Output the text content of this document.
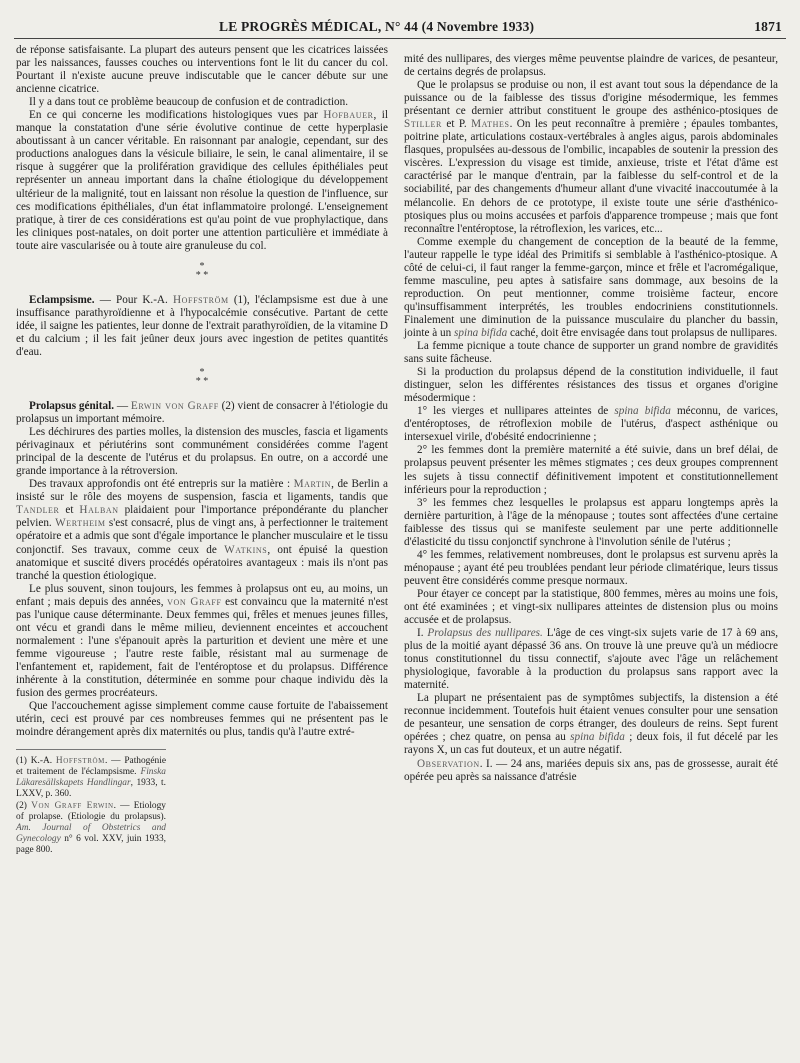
LE PROGRÈS MÉDICAL, N° 44 (4 Novembre 1933)	1871

de réponse satisfaisante. La plupart des auteurs pensent que les cicatrices laissées par les naissances, fausses couches ou interventions font le lit du cancer du col. Pourtant il n'existe aucune preuve indiscutable que le cancer débute sur une ancienne cicatrice.

Il y a dans tout ce problème beaucoup de confusion et de contradiction.

En ce qui concerne les modifications histologiques vues par Hofbauer, il manque la constatation d'une série évolutive continue de cette hyperplasie aboutissant à un cancer véritable. En raisonnant par analogie, cependant, sur des productions analogues dans la vésicule biliaire, le sein, le canal alimentaire, il se risque à suggérer que la prolifération gravidique des cellules épithéliales peut représenter un anneau important dans la chaîne étiologique du développement ultérieur de la malignité, tout en laissant non résolue la question de l'influence, sur ces modifications épithéliales, d'un état inflammatoire prolongé. L'enseignement pratique, à tirer de ces considérations est qu'au point de vue prophylactique, dans les cliniques post-natales, on doit porter une attention particulière et immédiate à toute aire vascularisée ou à toute aire granuleuse du col.

*
* *

Eclampsisme. — Pour K.-A. Hoffström (1), l'éclampsisme est due à une insuffisance parathyroïdienne et à l'hypocalcémie consécutive. Partant de cette idée, il saigne les patientes, leur donne de l'extrait parathyroïdien, de la vitamine D et du calcium ; il les fait jeûner deux jours avec ingestion de petites quantités d'eau.

*
* *

Prolapsus génital. — Erwin von Graff (2) vient de consacrer à l'étiologie du prolapsus un important mémoire.

Les déchirures des parties molles, la distension des muscles, fascia et ligaments périvaginaux et périutérins sont communément considérées comme l'agent principal de la descente de l'utérus et du prolapsus. En outre, on a accordé une grande importance à la rétroversion.

Des travaux approfondis ont été entrepris sur la matière : Martin, de Berlin a insisté sur le rôle des moyens de suspension, fascia et ligaments, tandis que Tandler et Halban plaidaient pour l'importance prépondérante du plancher pelvien. Wertheim s'est consacré, plus de vingt ans, à perfectionner le traitement opératoire et a admis que sont d'égale importance le plancher musculaire et le tissu conjonctif. Ses travaux, comme ceux de Watkins, ont épuisé la question anatomique et suscité divers procédés opératoires avantageux : mais ils n'ont pas tranché la question étiologique.

Le plus souvent, sinon toujours, les femmes à prolapsus ont eu, au moins, un enfant ; mais depuis des années, von Graff est convaincu que la maternité n'est pas l'unique cause déterminante. Deux femmes qui, frêles et menues jeunes filles, ont vécu et grandi dans le même milieu, deviennent enceintes et accouchent normalement : l'une s'épanouit après la parturition et devient une mère et une femme vigoureuse ; l'autre reste faible, résistant mal au surmenage de l'enfantement et, rapidement, fait de l'entéroptose et du prolapsus. Différence inhérente à la constitution, déterminée en somme pour chaque individu dès la fusion des germes procréateurs.

Que l'accouchement agisse simplement comme cause fortuite de l'abaissement utérin, ceci est prouvé par ces nombreuses femmes qui ne présentent pas le moindre dérangement après dix maternités ou plus, tandis qu'à l'autre extré-

(1) K.-A. Hoffström. — Pathogénie et traitement de l'éclampsisme. Finska Läkaresällskapets Handlingar, 1933, t. LXXV, p. 360.

(2) Von Graff Erwin. — Etiology of prolapse. (Etiologie du prolapsus). Am. Journal of Obstetrics and Gynecology n° 6 vol. XXV, juin 1933, page 800.

mité des nullipares, des vierges même peuventse plaindre de varices, de pesanteur, de certains degrés de prolapsus.

Que le prolapsus se produise ou non, il est avant tout sous la dépendance de la puissance ou de la faiblesse des tissus d'origine mésodermique, les femmes présentant ce dernier attribut constituent le groupe des asthénico-ptosiques de Stiller et P. Mathes. On les peut reconnaître à première ; épaules tombantes, poitrine plate, articulations costaux-vertébrales à angles aigus, parois abdominales flasques, propulsées au-dessous de l'ombilic, incapables de soutenir la pression des viscères. L'expression du visage est timide, anxieuse, triste et l'état d'âme est caractérisé par le manque d'entrain, par la faiblesse du self-control et de la sociabilité, par des changements d'humeur allant d'une vivacité inaccoutumée à la mélancolie. En dehors de ce prototype, il existe toute une série d'asthénico-ptosiques plus ou moins accusées et parfois d'apparence trompeuse ; mais que font reconnaître l'entéroptose, la rétroflexion, les varices, etc...

Comme exemple du changement de conception de la beauté de la femme, l'auteur rappelle le type idéal des Primitifs si semblable à l'asthénico-ptosique. A côté de celui-ci, il faut ranger la femme-garçon, mince et frêle et l'acromégalique, femme masculine, peu aptes à satisfaire sans dommage, aux besoins de la reproduction. On peut mentionner, comme troisième facteur, encore qu'insuffisamment interprétés, les troubles endocriniens constitutionnels. Finalement une diminution de la puissance musculaire du plancher du bassin, jointe à un spina bifida caché, doit être envisagée dans tout prolapsus de nullipares.

La femme picnique a toute chance de supporter un grand nombre de gravidités sans suite fâcheuse.

Si la production du prolapsus dépend de la constitution individuelle, il faut distinguer, selon les différentes résistances des tissus et organes d'origine mésodermique :

1° les vierges et nullipares atteintes de spina bifida méconnu, de varices, d'entéroptoses, de rétroflexion mobile de l'utérus, d'aspect asthénique ou intersexuel virile, d'obésité endocrinienne ;

2° les femmes dont la première maternité a été suivie, dans un bref délai, de prolapsus peuvent présenter les mêmes stigmates ; ces deux groupes comprennent les sujets à tissu connectif définitivement impotent et constitutionnellement inférieurs pour la reproduction ;

3° les femmes chez lesquelles le prolapsus est apparu longtemps après la dernière parturition, à l'âge de la ménopause ; toutes sont affectées d'une certaine faiblesse des tissus qui se manifeste seulement par une perte additionnelle d'élasticité du tissu conjonctif synchrone à l'involution sénile de l'utérus ;

4° les femmes, relativement nombreuses, dont le prolapsus est survenu après la ménopause ; ayant été peu troublées pendant leur période climatérique, leurs tissus peuvent être considérés comme presque normaux.

Pour étayer ce concept par la statistique, 800 femmes, mères au moins une fois, ont été examinées ; et vingt-six nullipares atteintes de distension plus ou moins accusée et de prolapsus.

I. Prolapsus des nullipares. L'âge de ces vingt-six sujets varie de 17 à 69 ans, plus de la moitié ayant dépassé 36 ans. On trouve là une preuve qu'à un médiocre tonus constitutionnel du tissu connectif, s'ajoute avec l'âge un relâchement physiologique, favorable à la production du prolapsus sans rapport avec la maternité.

La plupart ne présentaient pas de symptômes subjectifs, la distension a été reconnue incidemment. Toutefois huit étaient venues consulter pour une sensation de pesanteur, une sensation de corps étranger, des douleurs de reins. Sept furent opérées ; chez quatre, on pensa au spina bifida ; deux fois, il fut décelé par les rayons X, un cas fut douteux, et un autre négatif.

Observation. I. — 24 ans, mariées depuis six ans, pas de grossesse, aurait été opérée peu après sa naissance d'atrésie
